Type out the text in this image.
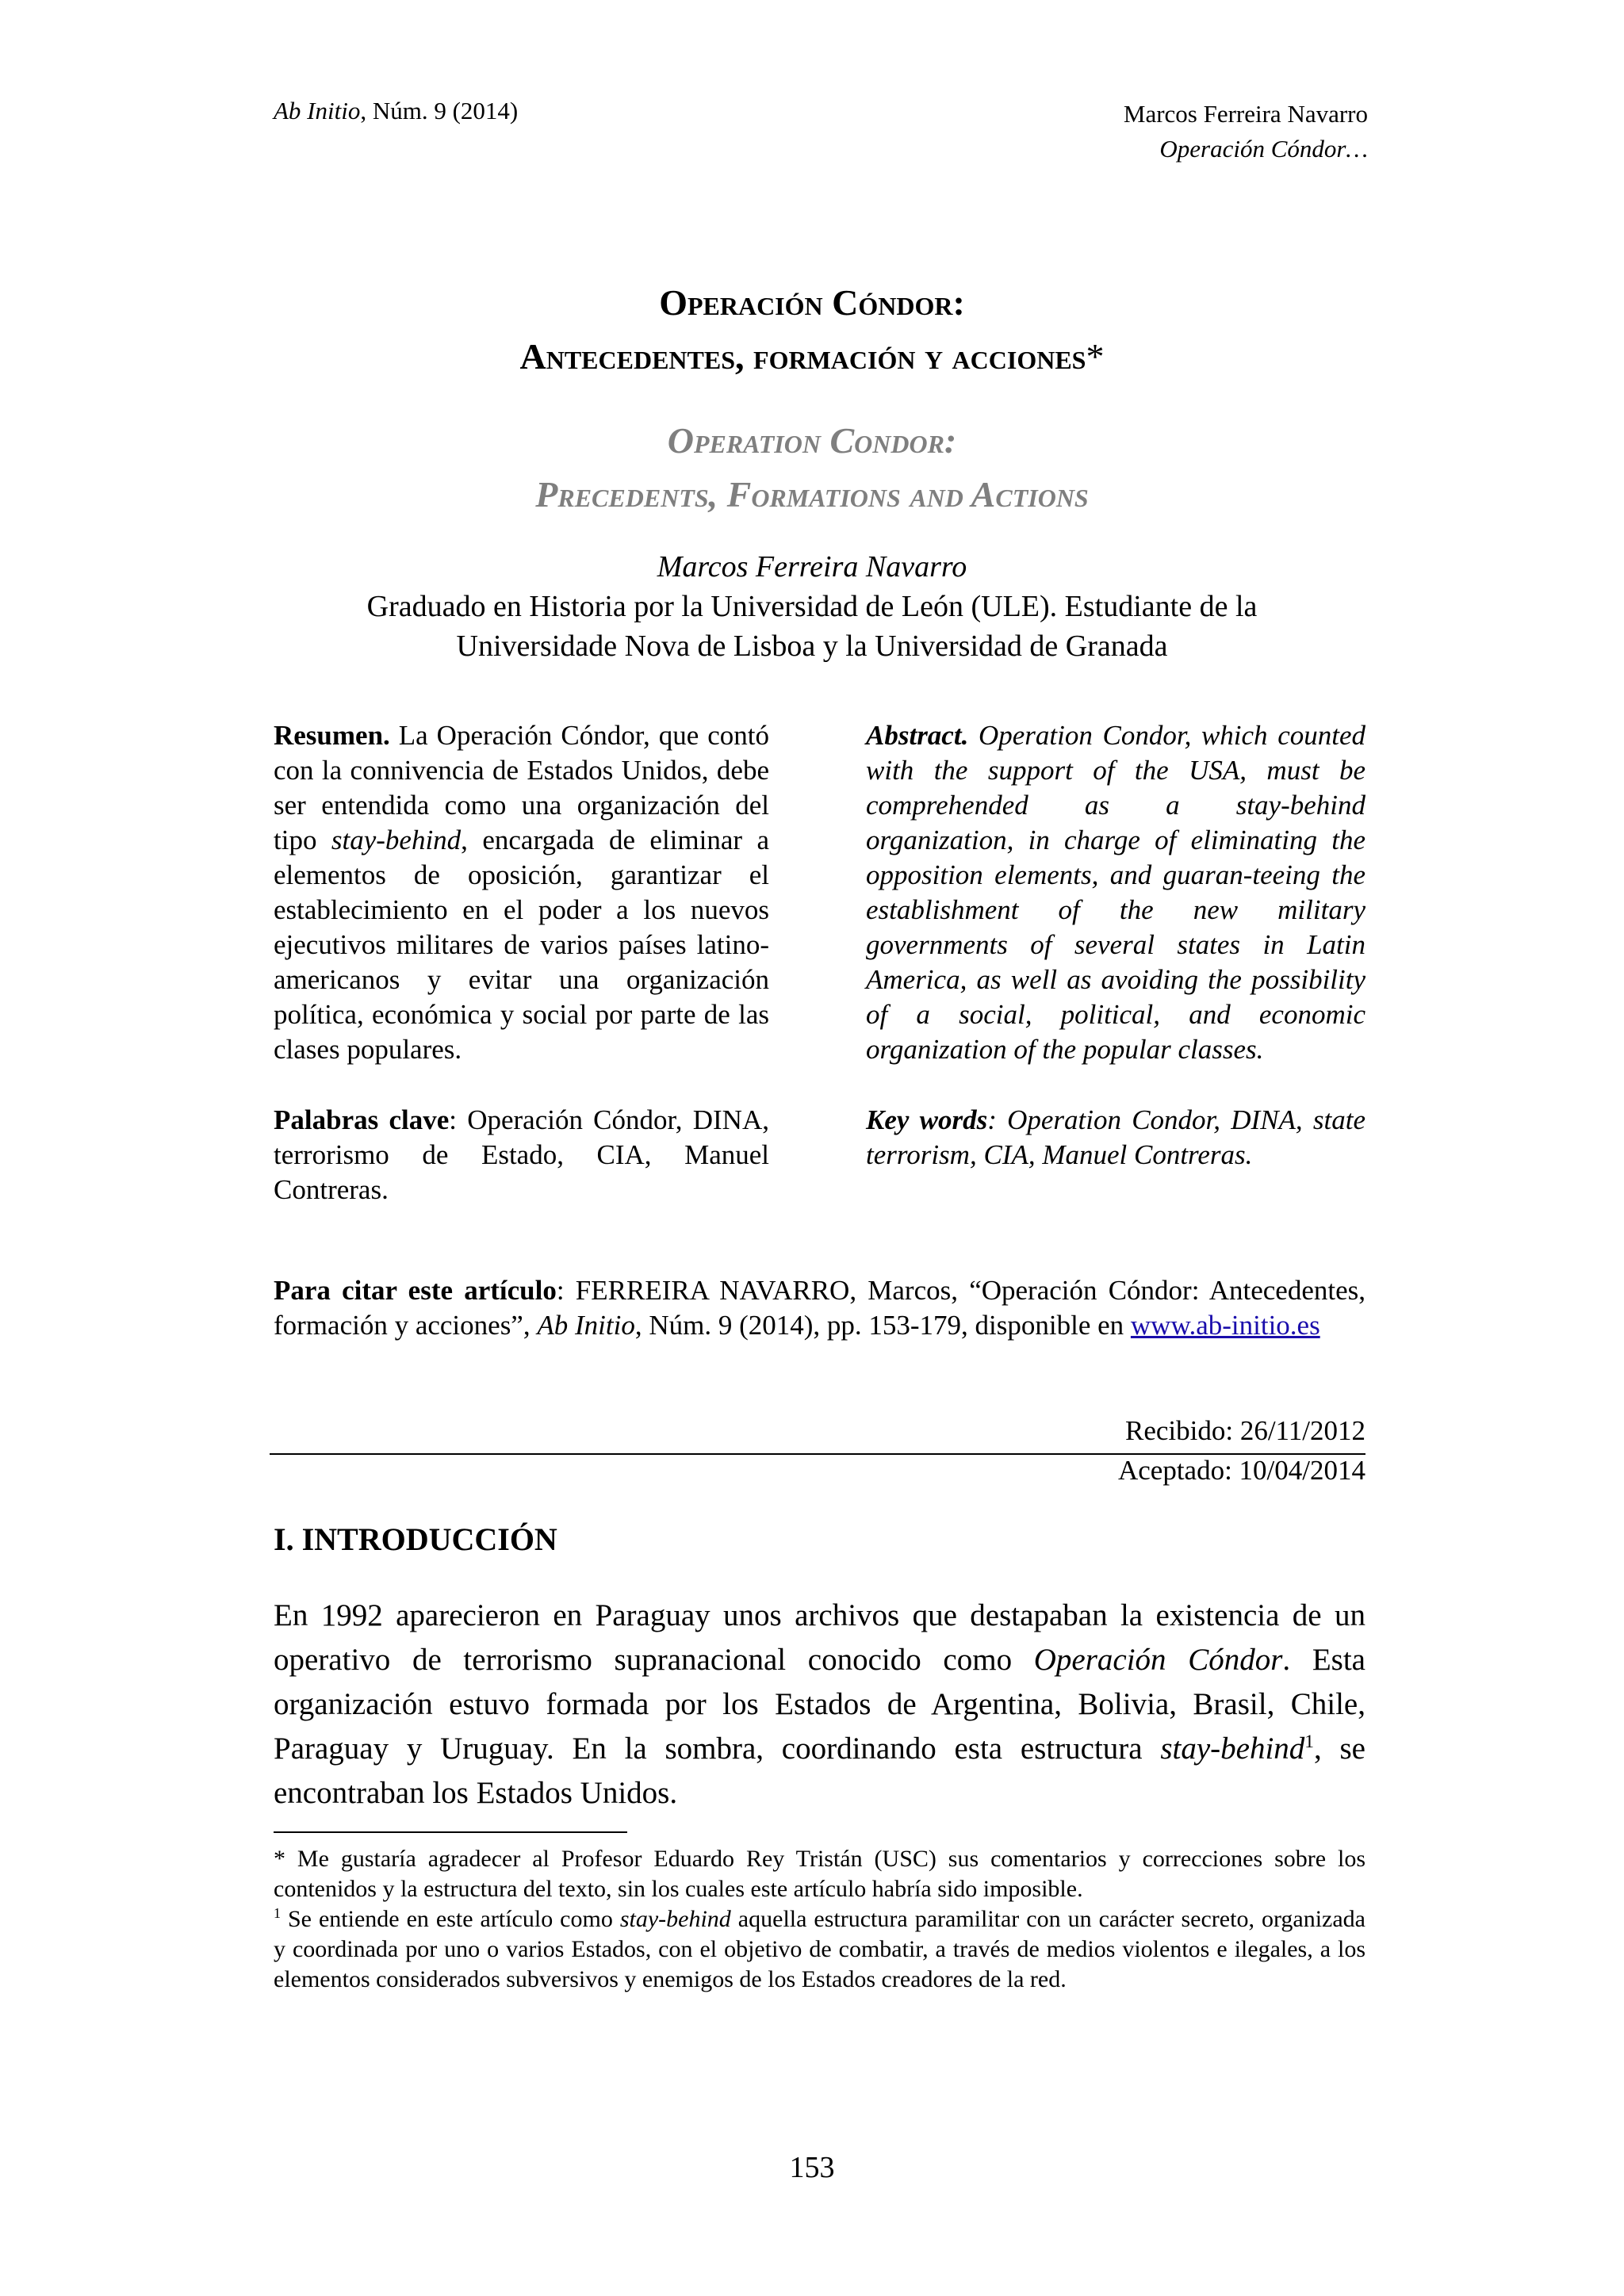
Ab Initio, Núm. 9 (2014)	Marcos Ferreira Navarro
Operación Cóndor…
Operación Cóndor:
Antecedentes, formación y acciones*
Operation Condor:
Precedents, Formations and Actions
Marcos Ferreira Navarro
Graduado en Historia por la Universidad de León (ULE). Estudiante de la
Universidade Nova de Lisboa y la Universidad de Granada

Resumen. La Operación Cóndor, que contó con la connivencia de Estados Unidos, debe ser entendida como una organización del tipo stay-behind, encargada de eliminar a elementos de oposición, garantizar el establecimiento en el poder a los nuevos ejecutivos militares de varios países latino-americanos y evitar una organización política, económica y social por parte de las clases populares.

Palabras clave: Operación Cóndor, DINA, terrorismo de Estado, CIA, Manuel Contreras.

Abstract. Operation Condor, which counted with the support of the USA, must be comprehended as a stay-behind organization, in charge of eliminating the opposition elements, and guaran-teeing the establishment of the new military governments of several states in Latin America, as well as avoiding the possibility of a social, political, and economic organization of the popular classes.

Key words: Operation Condor, DINA, state terrorism, CIA, Manuel Contreras.

Para citar este artículo: FERREIRA NAVARRO, Marcos, “Operación Cóndor: Antecedentes, formación y acciones”, Ab Initio, Núm. 9 (2014), pp. 153-179, disponible en www.ab-initio.es
Recibido: 26/11/2012
Aceptado: 10/04/2014
I. INTRODUCCIÓN
En 1992 aparecieron en Paraguay unos archivos que destapaban la existencia de un operativo de terrorismo supranacional conocido como Operación Cóndor. Esta organización estuvo formada por los Estados de Argentina, Bolivia, Brasil, Chile, Paraguay y Uruguay. En la sombra, coordinando esta estructura stay-behind$^1$, se encontraban los Estados Unidos.

* Me gustaría agradecer al Profesor Eduardo Rey Tristán (USC) sus comentarios y correcciones sobre los contenidos y la estructura del texto, sin los cuales este artículo habría sido imposible.

$^1$ Se entiende en este artículo como stay-behind aquella estructura paramilitar con un carácter secreto, organizada y coordinada por uno o varios Estados, con el objetivo de combatir, a través de medios violentos e ilegales, a los elementos considerados subversivos y enemigos de los Estados creadores de la red.

153
